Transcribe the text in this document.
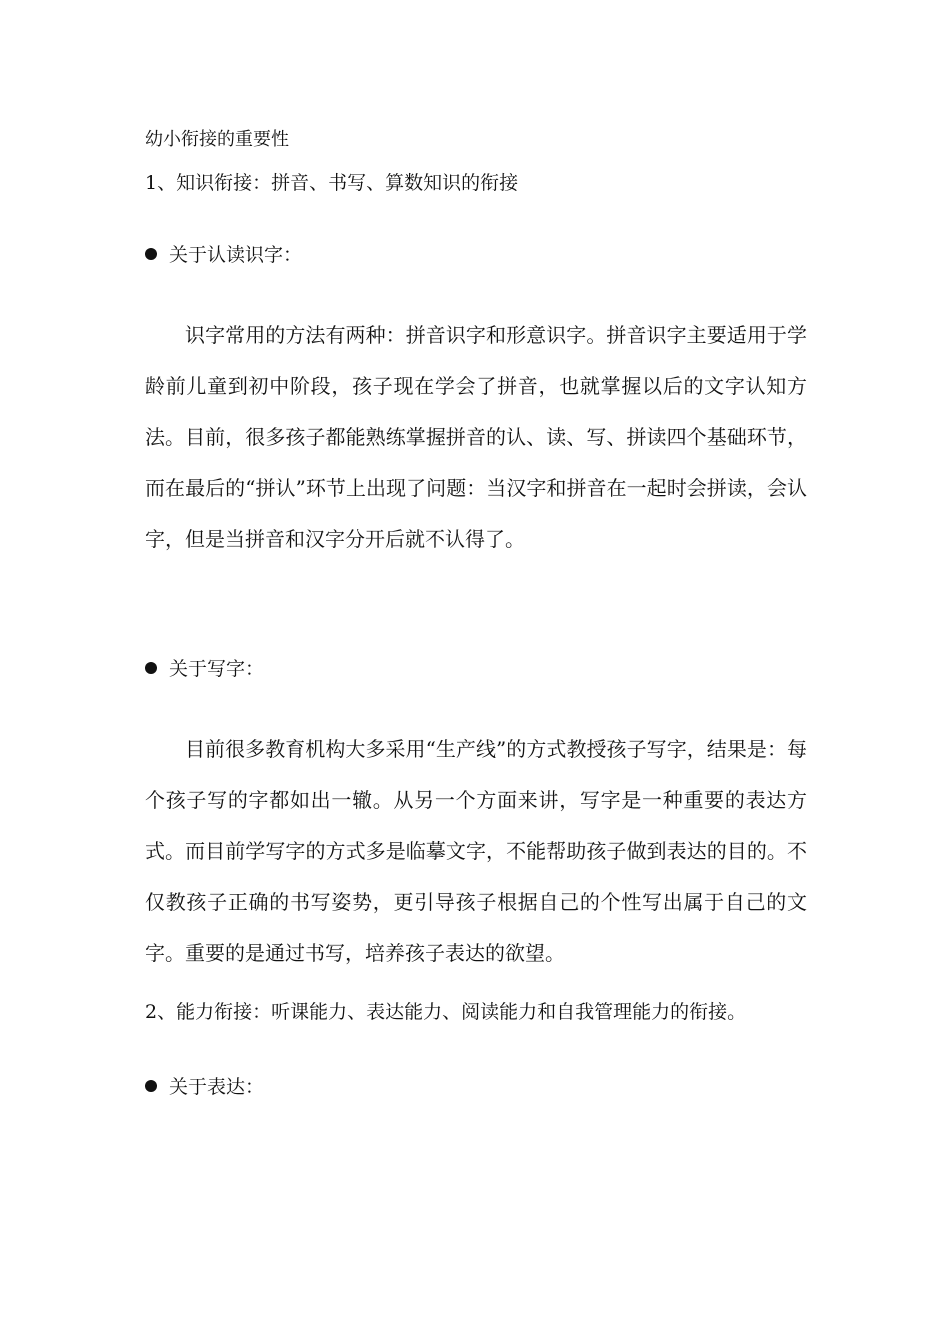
幼小衔接的重要性
1、知识衔接：拼音、书写、算数知识的衔接
关于认读识字：

识字常用的方法有两种：拼音识字和形意识字。拼音识字主要适用于学龄前儿童到初中阶段，孩子现在学会了拼音，也就掌握以后的文字认知方法。目前，很多孩子都能熟练掌握拼音的认、读、写、拼读四个基础环节，而在最后的“拼认”环节上出现了问题：当汉字和拼音在一起时会拼读，会认字，但是当拼音和汉字分开后就不认得了。

关于写字：

目前很多教育机构大多采用“生产线”的方式教授孩子写字，结果是：每个孩子写的字都如出一辙。从另一个方面来讲，写字是一种重要的表达方式。而目前学写字的方式多是临摹文字，不能帮助孩子做到表达的目的。不仅教孩子正确的书写姿势，更引导孩子根据自己的个性写出属于自己的文字。重要的是通过书写，培养孩子表达的欲望。

2、能力衔接：听课能力、表达能力、阅读能力和自我管理能力的衔接。
关于表达：
